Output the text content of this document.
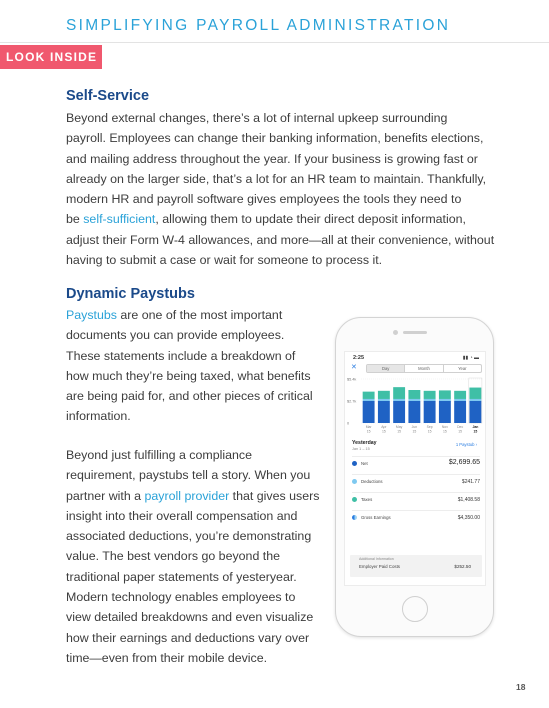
SIMPLIFYING PAYROLL ADMINISTRATION
LOOK INSIDE
Self-Service
Beyond external changes, there’s a lot of internal upkeep surrounding
payroll. Employees can change their banking information, benefits elections,
and mailing address throughout the year. If your business is growing fast or
already on the larger side, that’s a lot for an HR team to maintain. Thankfully,
modern HR and payroll software gives employees the tools they need to
be self-sufficient, allowing them to update their direct deposit information,
adjust their Form W-4 allowances, and more—all at their convenience, without
having to submit a case or wait for someone to process it.
Dynamic Paystubs
Paystubs are one of the most important
documents you can provide employees.
These statements include a breakdown of
how much they’re being taxed, what benefits
are being paid for, and other pieces of critical
information.
Beyond just fulfilling a compliance
requirement, paystubs tell a story. When you
partner with a payroll provider that gives users
insight into their overall compensation and
associated deductions, you’re demonstrating
value. The best vendors go beyond the
traditional paper statements of yesteryear.
Modern technology enables employees to
view detailed breakdowns and even visualize
how their earnings and deductions vary over
time—even from their mobile device.
2:25	▮▮ ◔ ▬
✕	Day	Month	Year
$5.4k
$2.7k
0
Mar
15
Apr
15
May
15
Jun
15
Sep
15
Nov
15
Dec
15
Jan
15
Yesterday
Jan 1 – 15
1 Paystub ›
Net	$2,699.65
Deductions	$241.77
Taxes	$1,408.58
Gross Earnings	$4,350.00
Additional Information
Employer Paid Costs	$252.50
18
